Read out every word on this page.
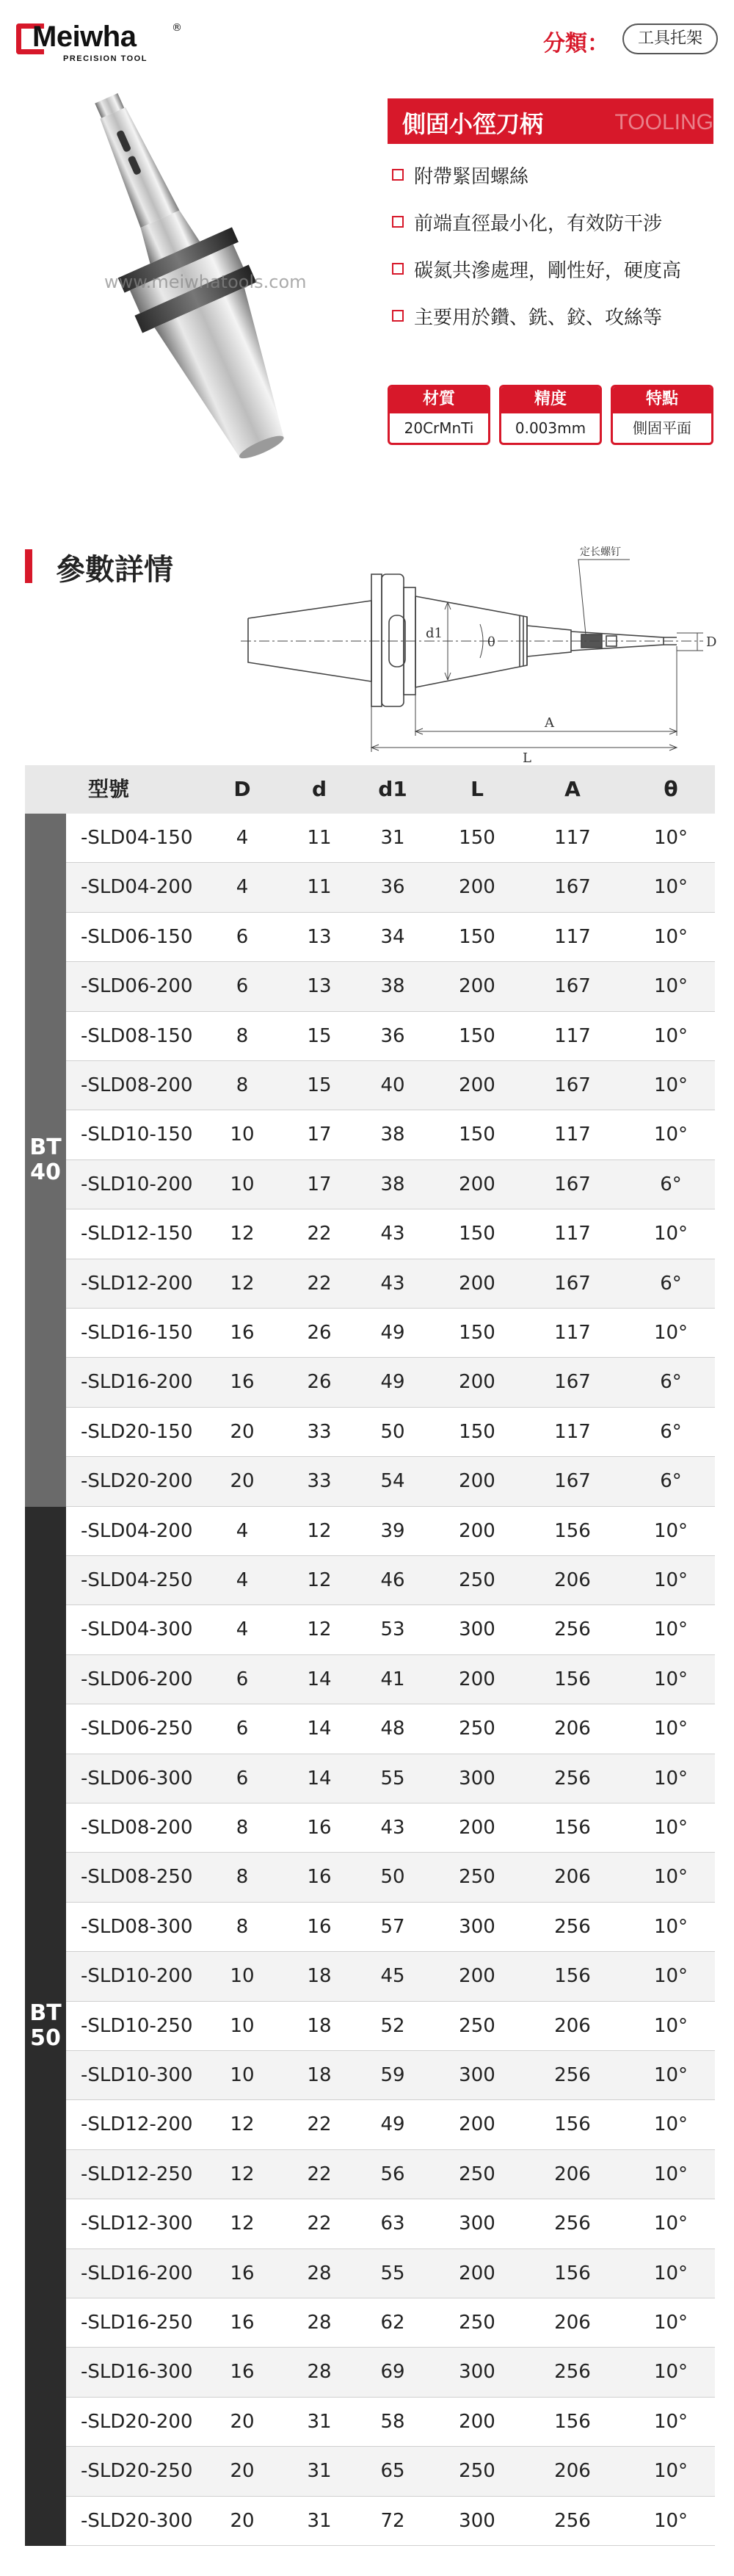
Meiwha	®
PRECISION TOOL
分類：	工具托架
www.meiwhatools.com
側固小徑刀柄	TOOLING
附帶緊固螺絲
前端直徑最小化，有效防干涉
碳氮共滲處理，剛性好，硬度高
主要用於鑽、銑、鉸、攻絲等
材質
20CrMnTi
精度
0.003mm
特點
側固平面
參數詳情
定长螺钉
d1
θ	D
A
L
型號	D	d	d1	L	A	θ
BT
40
-SLD04-150	4	11	31	150	117	10°
-SLD04-200	4	11	36	200	167	10°
-SLD06-150	6	13	34	150	117	10°
-SLD06-200	6	13	38	200	167	10°
-SLD08-150	8	15	36	150	117	10°
-SLD08-200	8	15	40	200	167	10°
-SLD10-150	10	17	38	150	117	10°
-SLD10-200	10	17	38	200	167	6°
-SLD12-150	12	22	43	150	117	10°
-SLD12-200	12	22	43	200	167	6°
-SLD16-150	16	26	49	150	117	10°
-SLD16-200	16	26	49	200	167	6°
-SLD20-150	20	33	50	150	117	6°
-SLD20-200	20	33	54	200	167	6°
BT
50
-SLD04-200	4	12	39	200	156	10°
-SLD04-250	4	12	46	250	206	10°
-SLD04-300	4	12	53	300	256	10°
-SLD06-200	6	14	41	200	156	10°
-SLD06-250	6	14	48	250	206	10°
-SLD06-300	6	14	55	300	256	10°
-SLD08-200	8	16	43	200	156	10°
-SLD08-250	8	16	50	250	206	10°
-SLD08-300	8	16	57	300	256	10°
-SLD10-200	10	18	45	200	156	10°
-SLD10-250	10	18	52	250	206	10°
-SLD10-300	10	18	59	300	256	10°
-SLD12-200	12	22	49	200	156	10°
-SLD12-250	12	22	56	250	206	10°
-SLD12-300	12	22	63	300	256	10°
-SLD16-200	16	28	55	200	156	10°
-SLD16-250	16	28	62	250	206	10°
-SLD16-300	16	28	69	300	256	10°
-SLD20-200	20	31	58	200	156	10°
-SLD20-250	20	31	65	250	206	10°
-SLD20-300	20	31	72	300	256	10°
